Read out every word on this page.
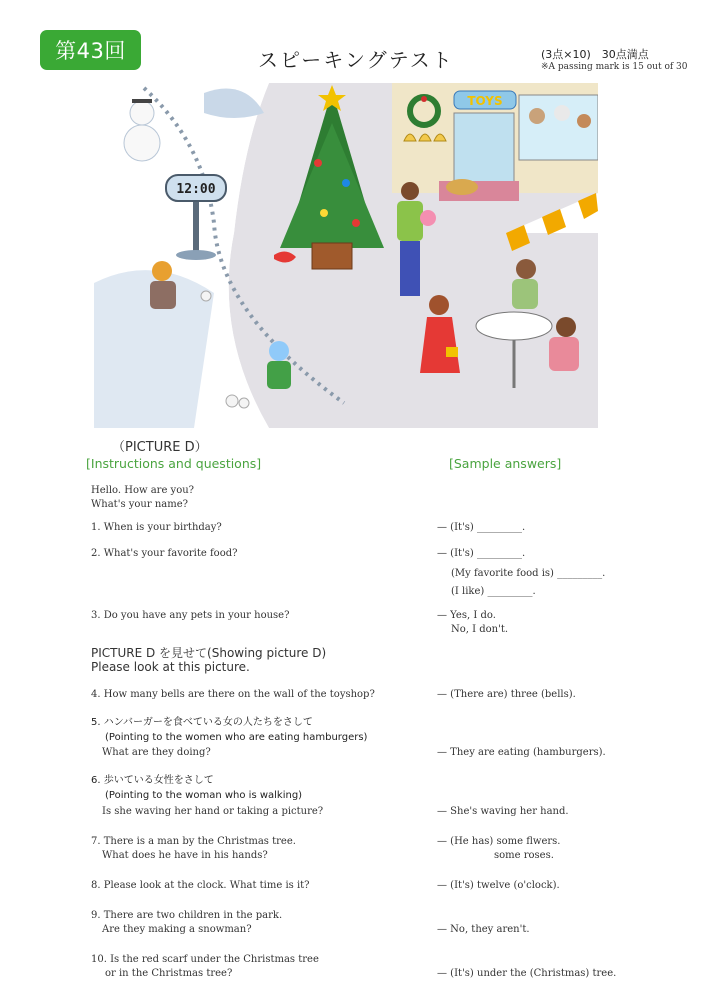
第43回	スピーキングテスト	(3点×10)　30点満点
※A passing mark is 15 out of 30
TOYS
12:00
（PICTURE D）
[Instructions and questions]	[Sample answers]
Hello. How are you?
What's your name?
1. When is your birthday?	— (It's) _________.
2. What's your favorite food?	— (It's) _________.
(My favorite food is) _________.
(I like) _________.
3. Do you have any pets in your house?	— Yes, I do.
No, I don't.
PICTURE D を見せて(Showing picture D)
Please look at this picture.
4. How many bells are there on the wall of the toyshop?	— (There are) three (bells).
5. ハンバーガーを食べている女の人たちをさして
(Pointing to the women who are eating hamburgers)
What are they doing?	— They are eating (hamburgers).
6. 歩いている女性をさして
(Pointing to the woman who is walking)
Is she waving her hand or taking a picture?	— She's waving her hand.
7. There is a man by the Christmas tree.
What does he have in his hands?
— (He has) some flwers.
some roses.
8. Please look at the clock. What time is it?	— (It's) twelve (o'clock).
9. There are two children in the park.
Are they making a snowman?	— No, they aren't.
10. Is the red scarf under the Christmas tree
or in the Christmas tree?	— (It's) under the (Christmas) tree.
